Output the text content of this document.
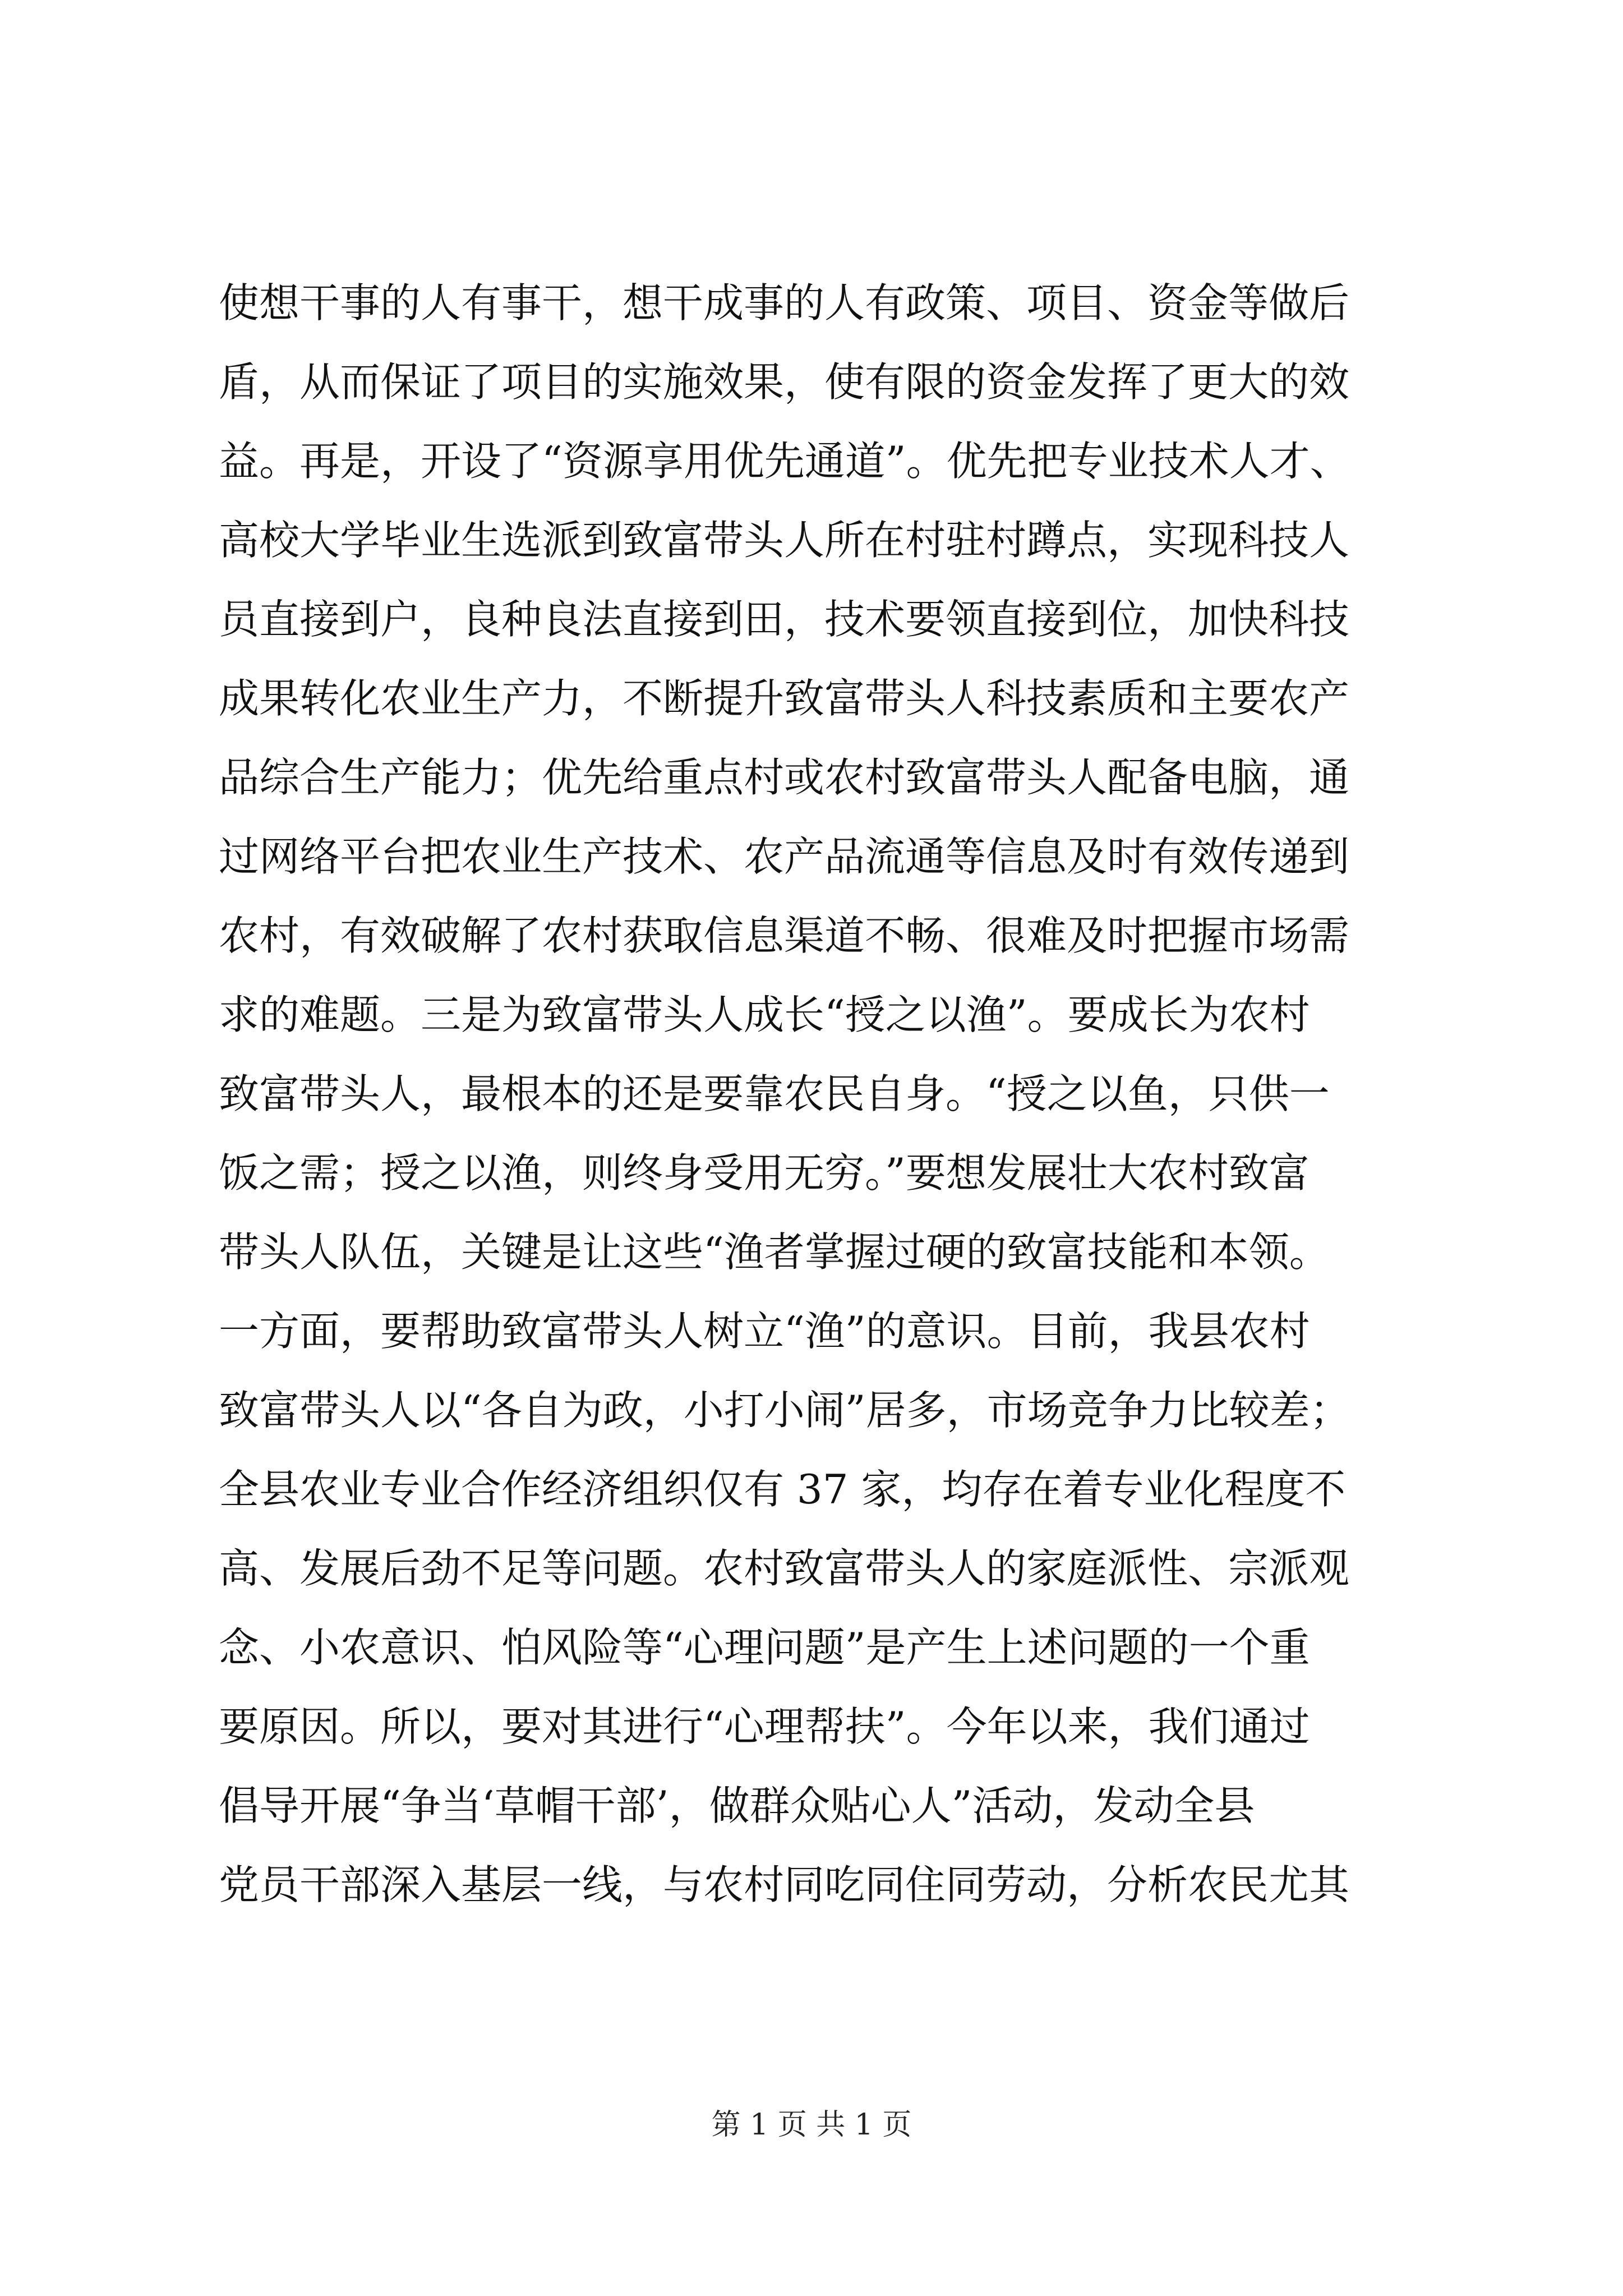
使想干事的人有事干，想干成事的人有政策、项目、资金等做后
盾，从而保证了项目的实施效果，使有限的资金发挥了更大的效
益。再是，开设了“资源享用优先通道”。优先把专业技术人才、
高校大学毕业生选派到致富带头人所在村驻村蹲点，实现科技人
员直接到户，良种良法直接到田，技术要领直接到位，加快科技
成果转化农业生产力，不断提升致富带头人科技素质和主要农产
品综合生产能力；优先给重点村或农村致富带头人配备电脑，通
过网络平台把农业生产技术、农产品流通等信息及时有效传递到
农村，有效破解了农村获取信息渠道不畅、很难及时把握市场需
求的难题。三是为致富带头人成长“授之以渔”。要成长为农村
致富带头人，最根本的还是要靠农民自身。“授之以鱼，只供一
饭之需；授之以渔，则终身受用无穷。”要想发展壮大农村致富
带头人队伍，关键是让这些“渔者掌握过硬的致富技能和本领。
一方面，要帮助致富带头人树立“渔”的意识。目前，我县农村
致富带头人以“各自为政，小打小闹”居多，市场竞争力比较差；
全县农业专业合作经济组织仅有 37 家，均存在着专业化程度不
高、发展后劲不足等问题。农村致富带头人的家庭派性、宗派观
念、小农意识、怕风险等“心理问题”是产生上述问题的一个重
要原因。所以，要对其进行“心理帮扶”。今年以来，我们通过
倡导开展“争当‘草帽干部’，做群众贴心人”活动，发动全县
党员干部深入基层一线，与农村同吃同住同劳动，分析农民尤其
第 1 页 共 1 页
